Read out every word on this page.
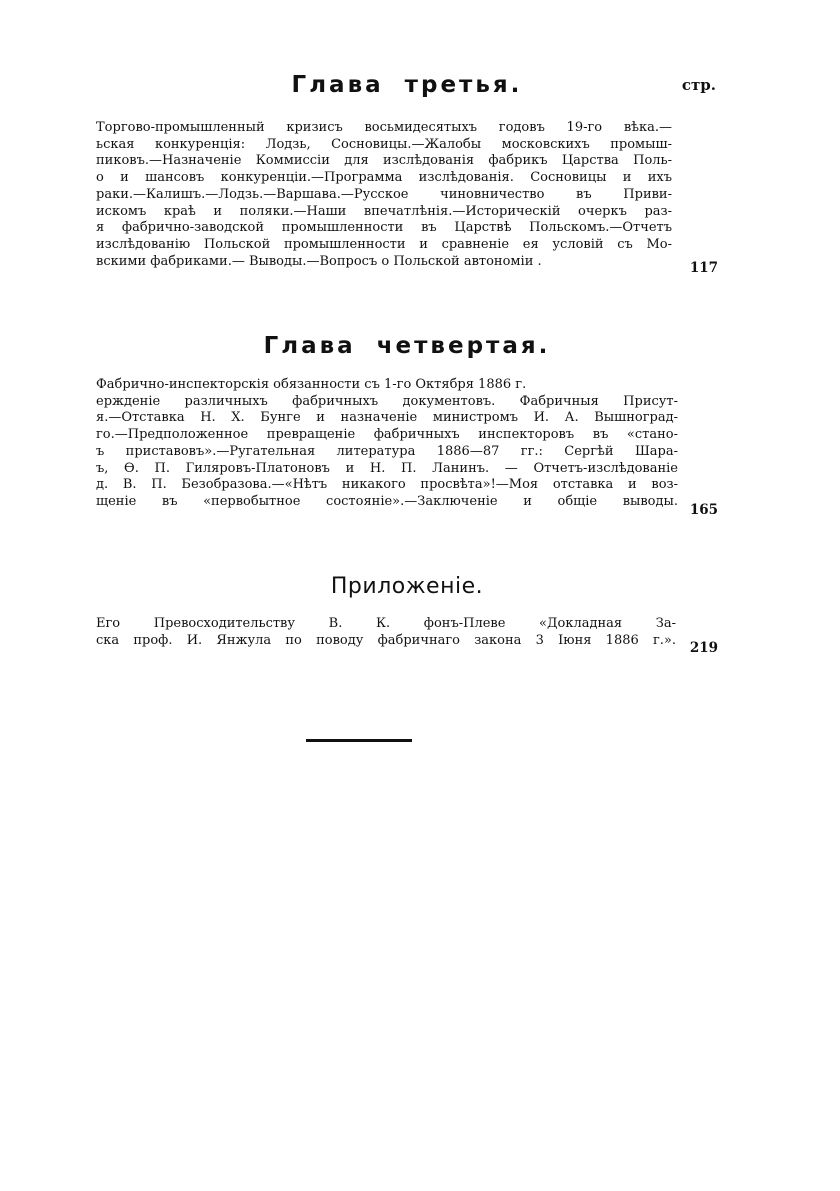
стр.
Глава третья.
Торгово-промышленный кризисъ восьмидесятыхъ годовъ 19-го вѣка.—
ьская конкуренція: Лодзь, Сосновицы.—Жалобы московскихъ промыш-
пиковъ.—Назначеніе Коммиссіи для изслѣдованія фабрикъ Царства Поль-
о и шансовъ конкуренціи.—Программа изслѣдованія. Сосновицы и ихъ
раки.—Калишъ.—Лодзь.—Варшава.—Русское чиновничество въ Приви-
искомъ краѣ и поляки.—Наши впечатлѣнія.—Историческій очеркъ раз-
я фабрично-заводской промышленности въ Царствѣ Польскомъ.—Отчетъ
изслѣдованію Польской промышленности и сравненіе ея условій съ Мо-
вскими фабриками.— Выводы.—Вопросъ о Польской автономіи .	117
Глава четвертая.
Фабрично-инспекторскія обязанности съ 1-го Октября 1886 г.
ержденіе различныхъ фабричныхъ документовъ. Фабричныя Присут-
я.—Отставка Н. Х. Бунге и назначеніе министромъ И. А. Вышноград-
го.—Предположенное превращеніе фабричныхъ инспекторовъ въ «стано-
ъ приставовъ».—Ругательная литература 1886—87 гг.: Сергѣй Шара-
ъ, Ѳ. П. Гиляровъ-Платоновъ и Н. П. Ланинъ. — Отчетъ-изслѣдованіе
д. В. П. Безобразова.—«Нѣтъ никакого просвѣта»!—Моя отставка и воз-
щеніе въ «первобытное состояніе».—Заключеніе и общіе выводы.
165
Приложеніе.
Его Превосходительству В. К. фонъ-Плеве «Докладная За-
ска проф. И. Янжула по поводу фабричнаго закона 3 Іюня 1886 г.». 219
